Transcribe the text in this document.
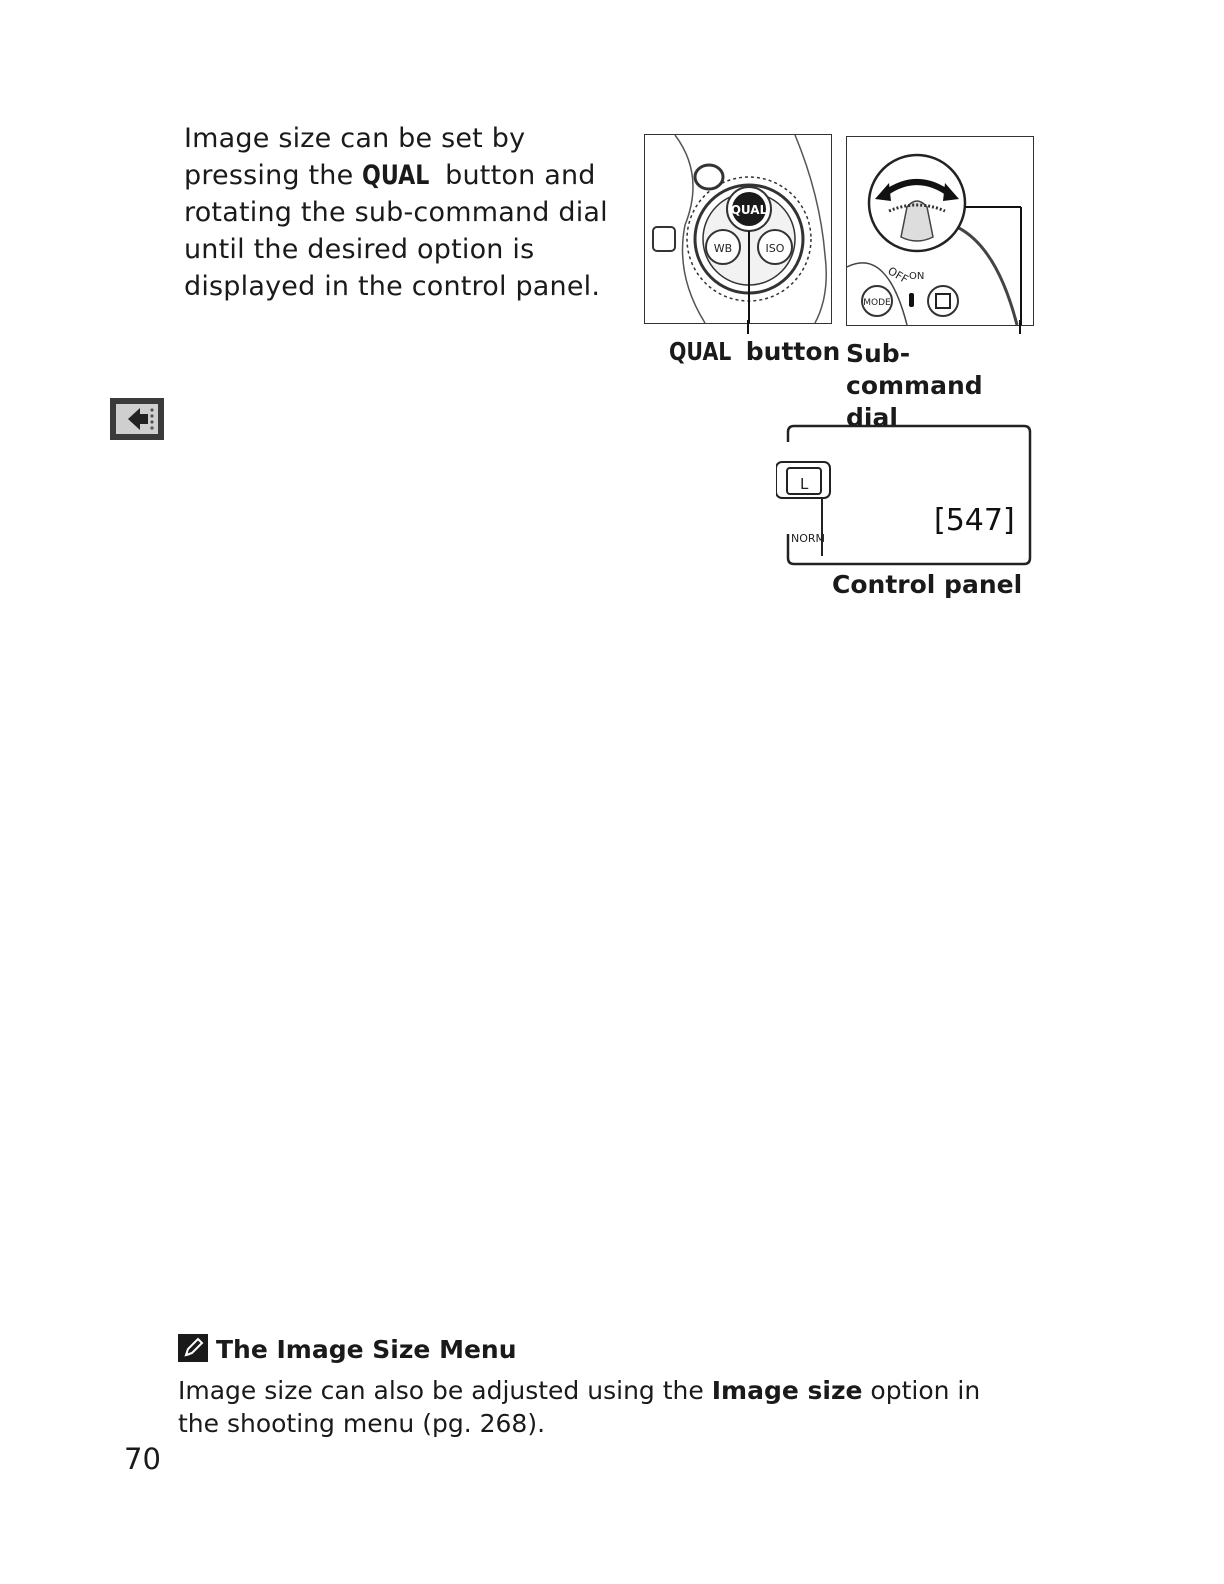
Image size can be set by pressing the QUAL button and rotating the sub-command dial until the desired option is displayed in the control panel.
QUAL
WB	ISO
OFF
ON
MODE
QUAL button Sub-command dial
L
NORM
[547]
Control panel
The Image Size Menu
Image size can also be adjusted using the Image size option in the shooting menu (pg. 268).
70
